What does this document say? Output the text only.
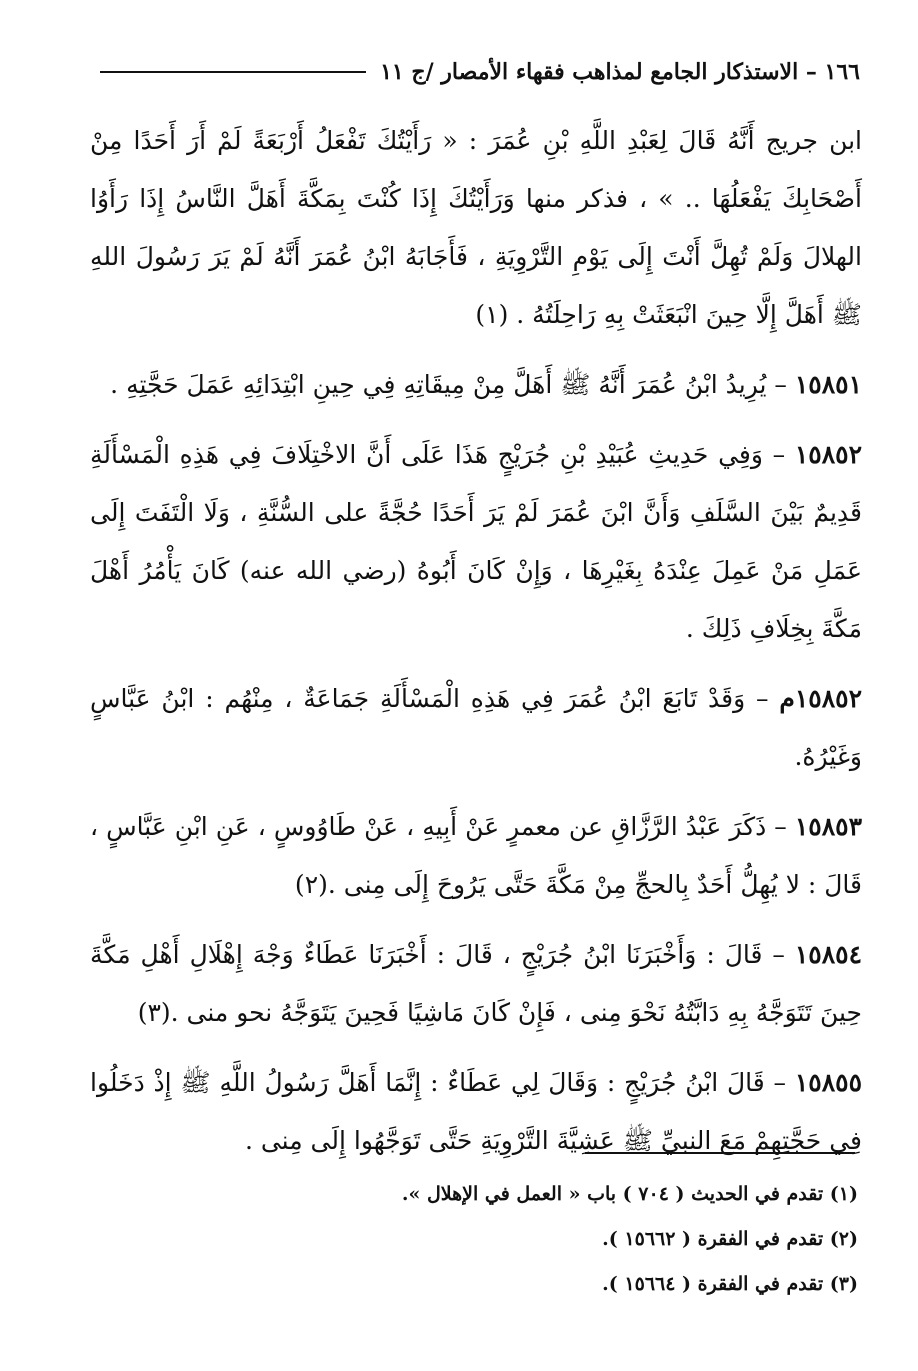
١٦٦

– الاستذكار الجامع لمذاهب فقهاء الأمصار /ج ١١

ابن جريج أَنَّهُ قَالَ لِعَبْدِ اللَّهِ بْنِ عُمَرَ : « رَأَيْتُكَ تَفْعَلُ أَرْبَعَةً لَمْ أَرَ أَحَدًا مِنْ أَصْحَابِكَ يَفْعَلُهَا .. » ، فذكر منها وَرَأَيْتُكَ إِذَا كُنْتَ بِمَكَّةَ أَهَلَّ النَّاسُ إِذَا رَأَوُا الهلالَ وَلَمْ تُهِلَّ أَنْتَ إِلَى يَوْمِ التَّرْوِيَةِ ، فَأَجَابَهُ ابْنُ عُمَرَ أَنَّهُ لَمْ يَرَ رَسُولَ اللهِ ﷺ أَهَلَّ إِلَّا حِينَ انْبَعَثَتْ بِهِ رَاحِلَتُهُ . (١)

١٥٨٥١ – يُرِيدُ ابْنُ عُمَرَ أَنَّهُ ﷺ أَهَلَّ مِنْ مِيقَاتِهِ فِي حِينِ ابْتِدَائِهِ عَمَلَ حَجَّتِهِ .

١٥٨٥٢ – وَفِي حَدِيثِ عُبَيْدِ بْنِ جُرَيْجٍ هَذَا عَلَى أَنَّ الاخْتِلَافَ فِي هَذِهِ الْمَسْأَلَةِ قَدِيمٌ بَيْنَ السَّلَفِ وَأَنَّ ابْنَ عُمَرَ لَمْ يَرَ أَحَدًا حُجَّةً على السُّنَّةِ ، وَلَا الْتَفَتَ إِلَى عَمَلِ مَنْ عَمِلَ عِنْدَهُ بِغَيْرِهَا ، وَإِنْ كَانَ أَبُوهُ (رضي الله عنه) كَانَ يَأْمُرُ أَهْلَ مَكَّةَ بِخِلَافِ ذَلِكَ .

١٥٨٥٢م – وَقَدْ تَابَعَ ابْنُ عُمَرَ فِي هَذِهِ الْمَسْأَلَةِ جَمَاعَةٌ ، مِنْهُم : ابْنُ عَبَّاسٍ وَغَيْرُهُ.

١٥٨٥٣ – ذَكَرَ عَبْدُ الرَّزَّاقِ عن معمرٍ عَنْ أَبِيهِ ، عَنْ طَاوُوسٍ ، عَنِ ابْنِ عَبَّاسٍ ، قَالَ : لا يُهِلُّ أَحَدٌ بِالحجِّ مِنْ مَكَّةَ حَتَّى يَرُوحَ إِلَى مِنى .(٢)

١٥٨٥٤ – قَالَ : وَأَخْبَرَنَا ابْنُ جُرَيْجٍ ، قَالَ : أَخْبَرَنَا عَطَاءٌ وَجْهَ إِهْلَالِ أَهْلِ مَكَّةَ حِينَ تَتَوَجَّهُ بِهِ دَابَّتُهُ نَحْوَ مِنى ، فَإِنْ كَانَ مَاشِيًا فَحِينَ يَتَوَجَّهُ نحو منى .(٣)

١٥٨٥٥ – قَالَ ابْنُ جُرَيْجٍ : وَقَالَ لِي عَطَاءٌ : إِنَّمَا أَهَلَّ رَسُولُ اللَّهِ ﷺ إِذْ دَخَلُوا فِي حَجَّتِهِمْ مَعَ النبيِّ ﷺ عَشِيَّةَ التَّرْوِيَةِ حَتَّى تَوَجَّهُوا إِلَى مِنى .

(١) تقدم في الحديث ( ٧٠٤ ) باب « العمل في الإهلال ».
(٢) تقدم في الفقرة ( ١٥٦٦٢ ).
(٣) تقدم في الفقرة ( ١٥٦٦٤ ).
